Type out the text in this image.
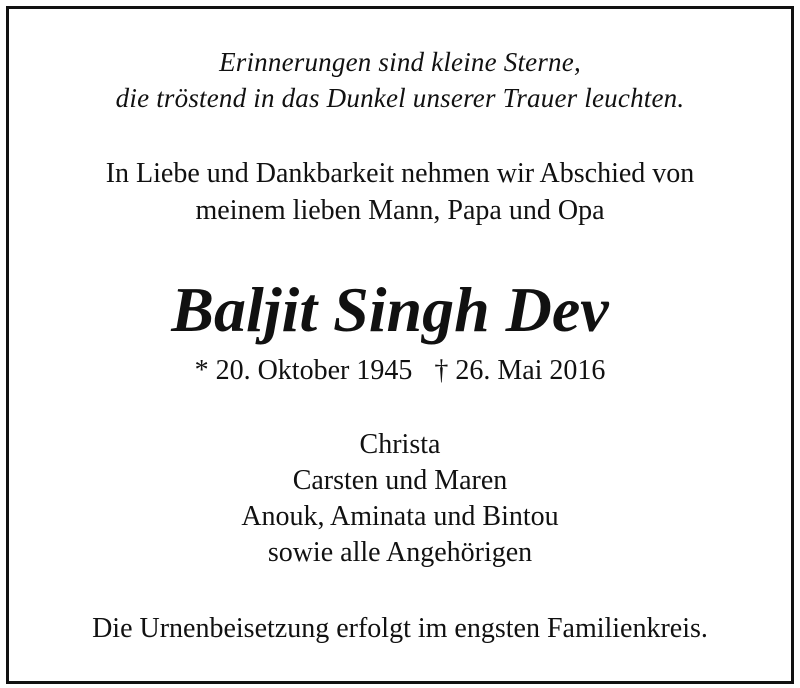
Erinnerungen sind kleine Sterne,
die tröstend in das Dunkel unserer Trauer leuchten.
In Liebe und Dankbarkeit nehmen wir Abschied von
meinem lieben Mann, Papa und Opa
Baljit Singh Dev
* 20. Oktober 1945 † 26. Mai 2016
Christa
Carsten und Maren
Anouk, Aminata und Bintou
sowie alle Angehörigen
Die Urnenbeisetzung erfolgt im engsten Familienkreis.
